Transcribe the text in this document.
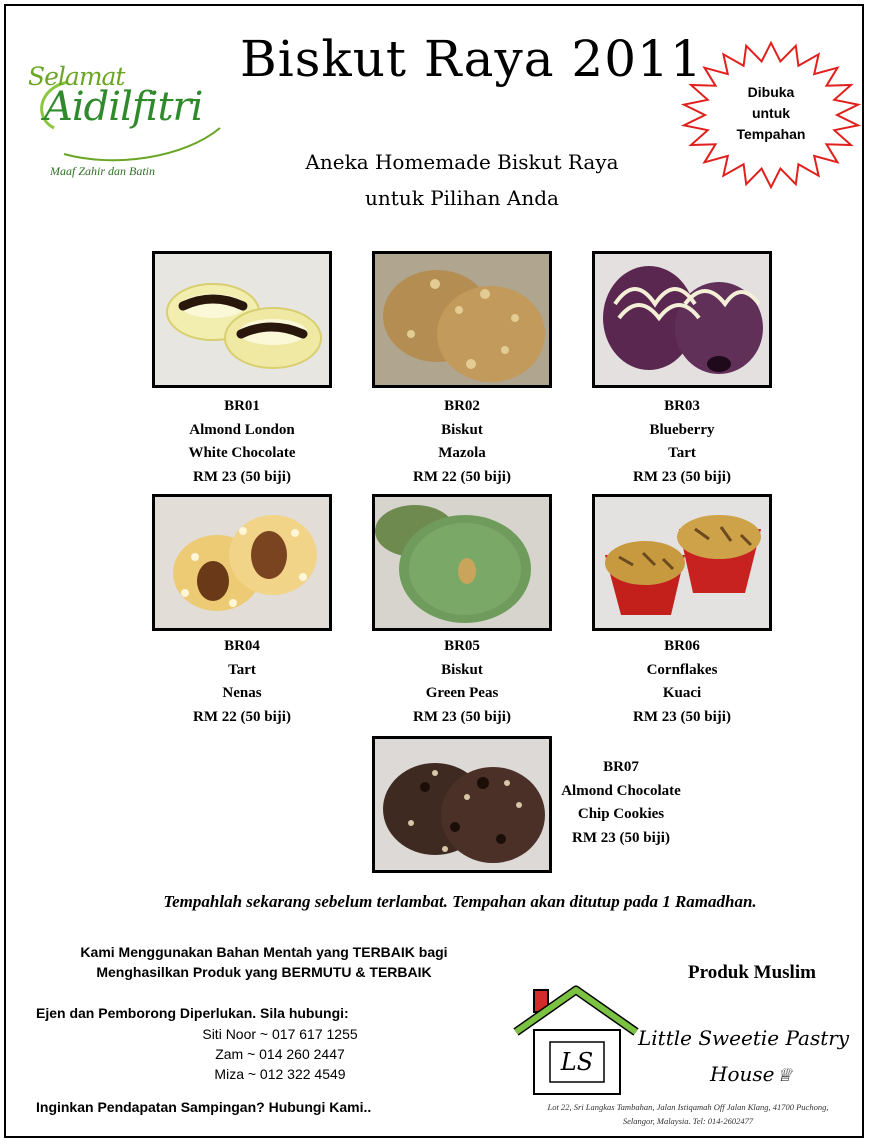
Selamat
Aidilfitri
Maaf Zahir dan Batin
Biskut Raya 2011
Aneka Homemade Biskut Raya
untuk Pilihan Anda
Dibuka
untuk
Tempahan
BR01
Almond London
White Chocolate
RM 23 (50 biji)
BR02
Biskut
Mazola
RM 22 (50 biji)
BR03
Blueberry
Tart
RM 23 (50 biji)
BR04
Tart
Nenas
RM 22 (50 biji)
BR05
Biskut
Green Peas
RM 23 (50 biji)
BR06
Cornflakes
Kuaci
RM 23 (50 biji)
BR07
Almond Chocolate
Chip Cookies
RM 23 (50 biji)
Tempahlah sekarang sebelum terlambat. Tempahan akan ditutup pada 1 Ramadhan.
Kami Menggunakan Bahan Mentah yang TERBAIK bagi
Menghasilkan Produk yang BERMUTU & TERBAIK
Ejen dan Pemborong Diperlukan. Sila hubungi:
Siti Noor ~ 017 617 1255
Zam ~ 014 260 2447
Miza ~ 012 322 4549
Inginkan Pendapatan Sampingan? Hubungi Kami..
Produk Muslim
LS
Little Sweetie Pastry
House ♕
Lot 22, Sri Langkas Tambahan, Jalan Istiqamah Off Jalan Klang, 41700 Puchong,
Selangor, Malaysia. Tel: 014-2602477
